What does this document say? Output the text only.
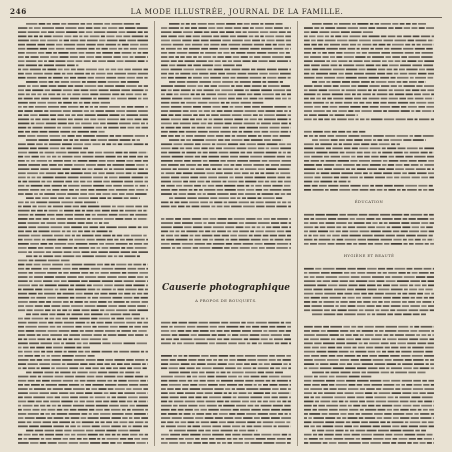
246	LA MODE ILLUSTRÉE, JOURNAL DE LA FAMILLE.
Causerie photographique
A PROPOS DE BOUQUETS.
ÉDUCATION
HYGIÈNE ET BEAUTÉ
